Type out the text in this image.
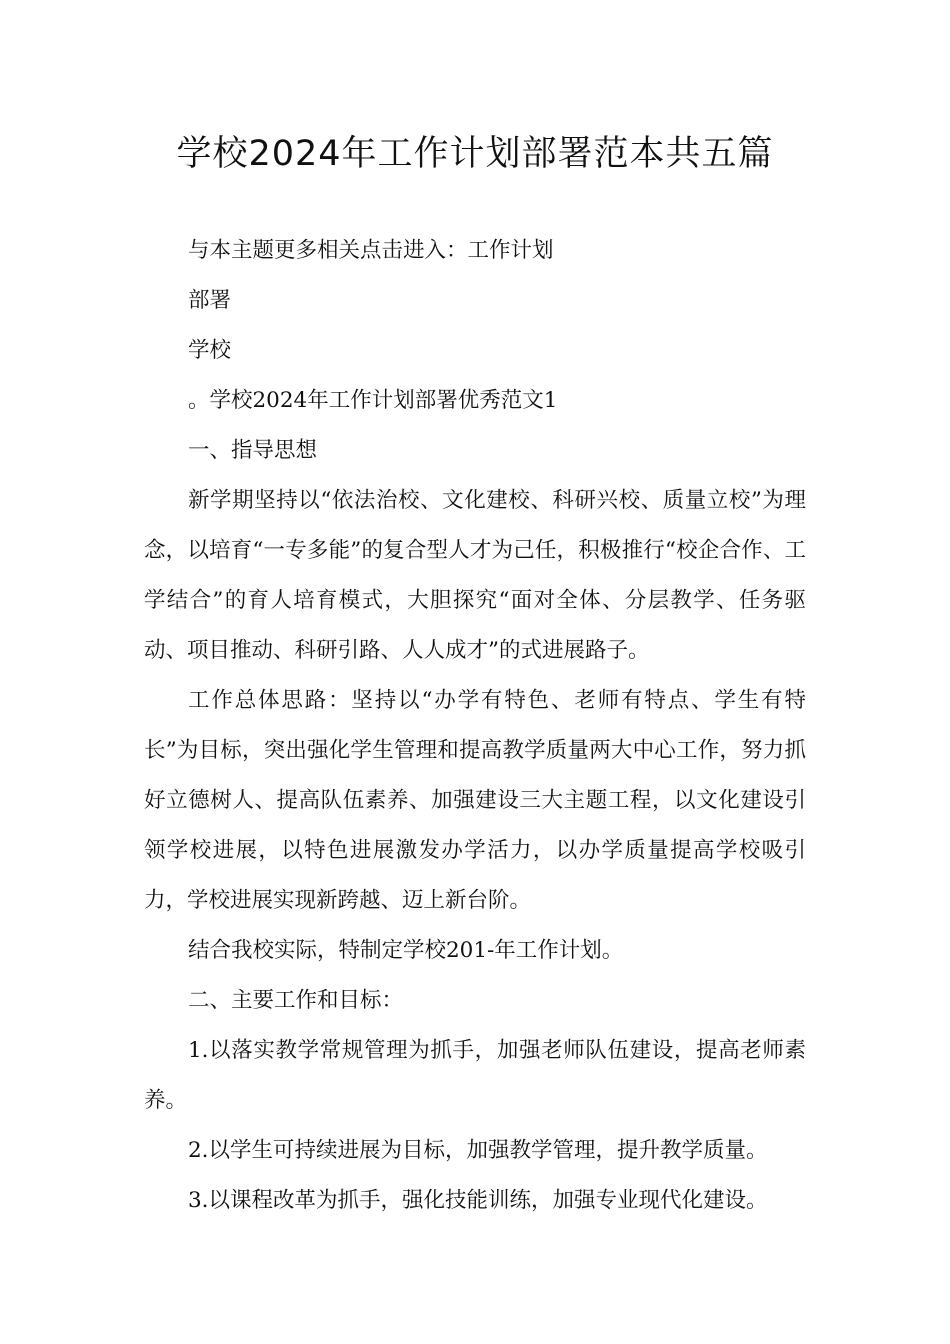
学校2024年工作计划部署范本共五篇

与本主题更多相关点击进入：工作计划

部署

学校

。学校2024年工作计划部署优秀范文1

一、指导思想

新学期坚持以“依法治校、文化建校、科研兴校、质量立校”为理念，以培育“一专多能”的复合型人才为己任，积极推行“校企合作、工学结合”的育人培育模式，大胆探究“面对全体、分层教学、任务驱动、项目推动、科研引路、人人成才”的式进展路子。

工作总体思路：坚持以“办学有特色、老师有特点、学生有特长”为目标，突出强化学生管理和提高教学质量两大中心工作，努力抓好立德树人、提高队伍素养、加强建设三大主题工程，以文化建设引领学校进展，以特色进展激发办学活力，以办学质量提高学校吸引力，学校进展实现新跨越、迈上新台阶。

结合我校实际，特制定学校201-年工作计划。

二、主要工作和目标：

1.以落实教学常规管理为抓手，加强老师队伍建设，提高老师素养。

2.以学生可持续进展为目标，加强教学管理，提升教学质量。

3.以课程改革为抓手，强化技能训练，加强专业现代化建设。
